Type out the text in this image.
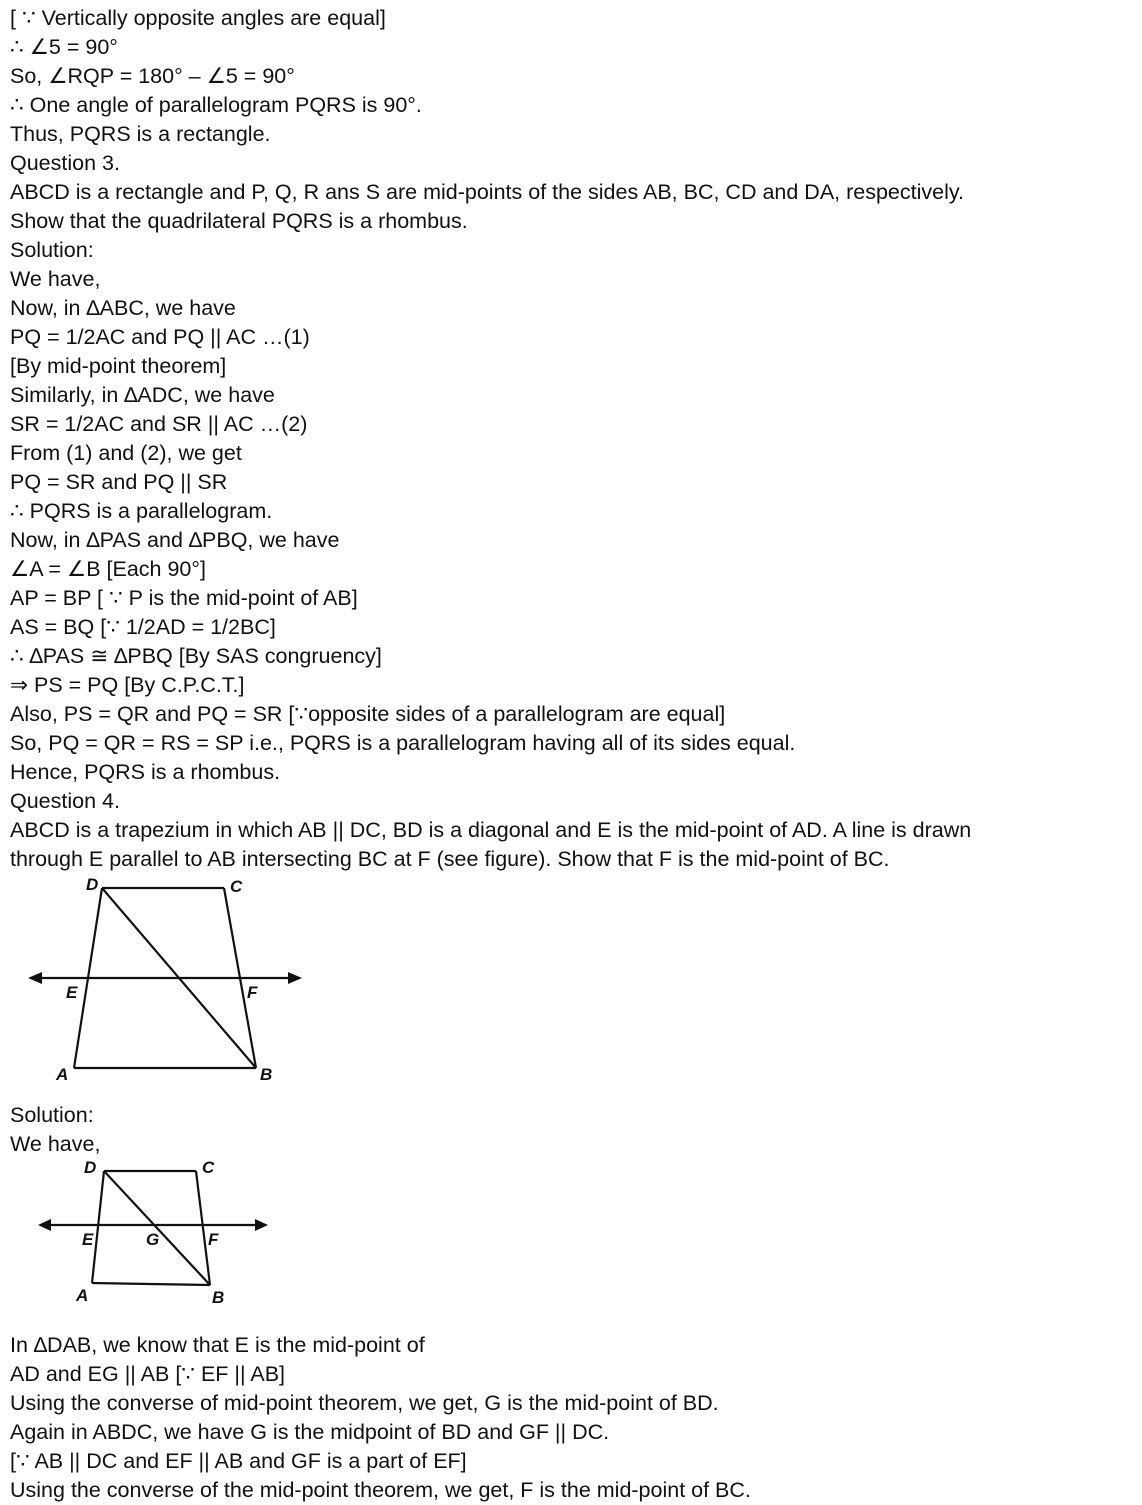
[ ∵ Vertically opposite angles are equal]
∴ ∠5 = 90°
So, ∠RQP = 180° – ∠5 = 90°
∴ One angle of parallelogram PQRS is 90°.
Thus, PQRS is a rectangle.
Question 3.
ABCD is a rectangle and P, Q, R ans S are mid-points of the sides AB, BC, CD and DA, respectively.
Show that the quadrilateral PQRS is a rhombus.
Solution:
We have,
Now, in ∆ABC, we have
PQ = 1/2AC and PQ || AC …(1)
[By mid-point theorem]
Similarly, in ∆ADC, we have
SR = 1/2AC and SR || AC …(2)
From (1) and (2), we get
PQ = SR and PQ || SR
∴ PQRS is a parallelogram.
Now, in ∆PAS and ∆PBQ, we have
∠A = ∠B [Each 90°]
AP = BP [ ∵ P is the mid-point of AB]
AS = BQ [∵ 1/2AD = 1/2BC]
∴ ∆PAS ≅ ∆PBQ [By SAS congruency]
⇒ PS = PQ [By C.P.C.T.]
Also, PS = QR and PQ = SR [∵opposite sides of a parallelogram are equal]
So, PQ = QR = RS = SP i.e., PQRS is a parallelogram having all of its sides equal.
Hence, PQRS is a rhombus.
Question 4.
ABCD is a trapezium in which AB || DC, BD is a diagonal and E is the mid-point of AD. A line is drawn
through E parallel to AB intersecting BC at F (see figure). Show that F is the mid-point of BC.
D	C
E	F
A	B
Solution:
We have,
D	C
E	G	F
A	B
In ∆DAB, we know that E is the mid-point of
AD and EG || AB [∵ EF || AB]
Using the converse of mid-point theorem, we get, G is the mid-point of BD.
Again in ABDC, we have G is the midpoint of BD and GF || DC.
[∵ AB || DC and EF || AB and GF is a part of EF]
Using the converse of the mid-point theorem, we get, F is the mid-point of BC.
